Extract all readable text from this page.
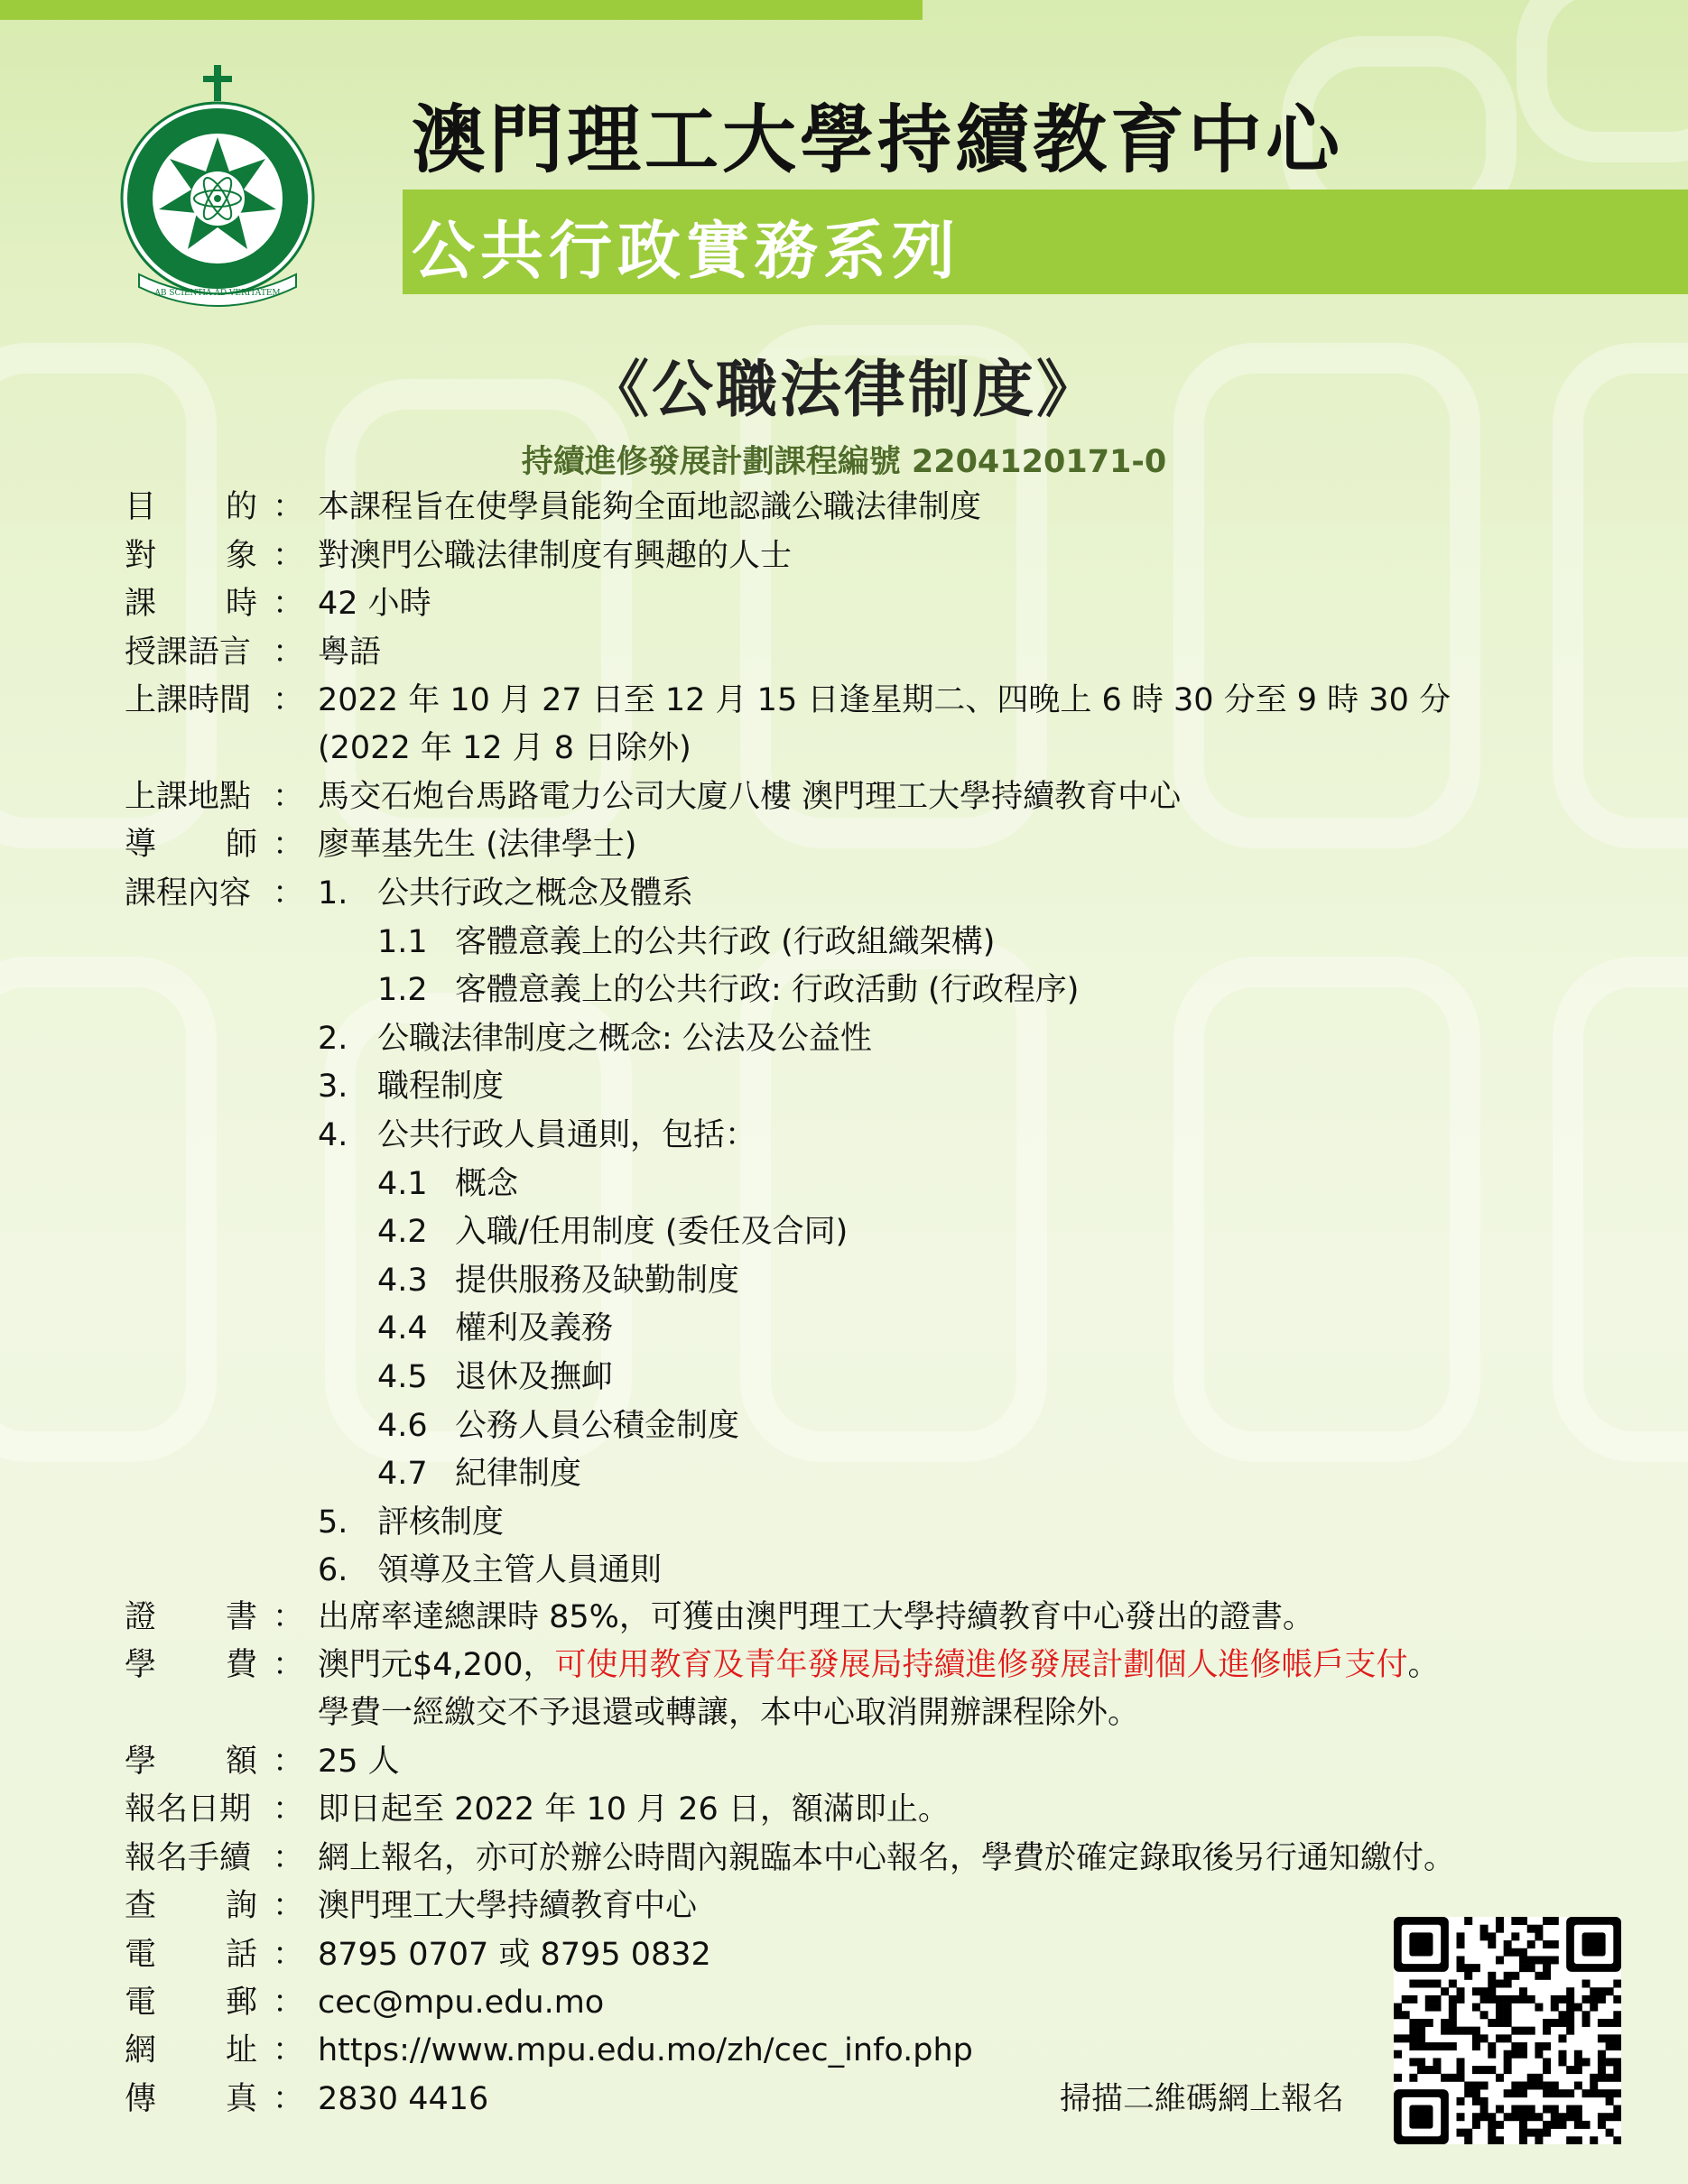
AB SCIENTIA AD VERITATEM
□
澳門理工大學持續教育中心
公共行政實務系列
《公職法律制度》
持續進修發展計劃課程編號 2204120171-0
目 的 ： 本課程旨在使學員能夠全面地認識公職法律制度
對 象 ： 對澳門公職法律制度有興趣的人士
課 時 ： 42 小時
授課語言 ： 粵語
上課時間 ： 2022 年 10 月 27 日至 12 月 15 日逢星期二、四晚上 6 時 30 分至 9 時 30 分
(2022 年 12 月 8 日除外)
上課地點 ： 馬交石炮台馬路電力公司大廈八樓 澳門理工大學持續教育中心
導 師 ： 廖華基先生 (法律學士)
課程內容 ： 1. 公共行政之概念及體系
1.1 客體意義上的公共行政 (行政組織架構)
1.2 客體意義上的公共行政: 行政活動 (行政程序)
2. 公職法律制度之概念: 公法及公益性
3. 職程制度
4. 公共行政人員通則，包括：
4.1 概念
4.2 入職/任用制度 (委任及合同)
4.3 提供服務及缺勤制度
4.4 權利及義務
4.5 退休及撫卹
4.6 公務人員公積金制度
4.7 紀律制度
5. 評核制度
6. 領導及主管人員通則
證 書 ： 出席率達總課時 85%，可獲由澳門理工大學持續教育中心發出的證書。
學 費 ： 澳門元$4,200，可使用教育及青年發展局持續進修發展計劃個人進修帳戶支付。
學費一經繳交不予退還或轉讓，本中心取消開辦課程除外。
學 額 ： 25 人
報名日期 ： 即日起至 2022 年 10 月 26 日，額滿即止。
報名手續 ： 網上報名，亦可於辦公時間內親臨本中心報名，學費於確定錄取後另行通知繳付。
查 詢 ： 澳門理工大學持續教育中心
電 話 ： 8795 0707 或 8795 0832
電 郵 ： cec@mpu.edu.mo
網 址 ： https://www.mpu.edu.mo/zh/cec_info.php
傳 真 ： 2830 4416	掃描二維碼網上報名
